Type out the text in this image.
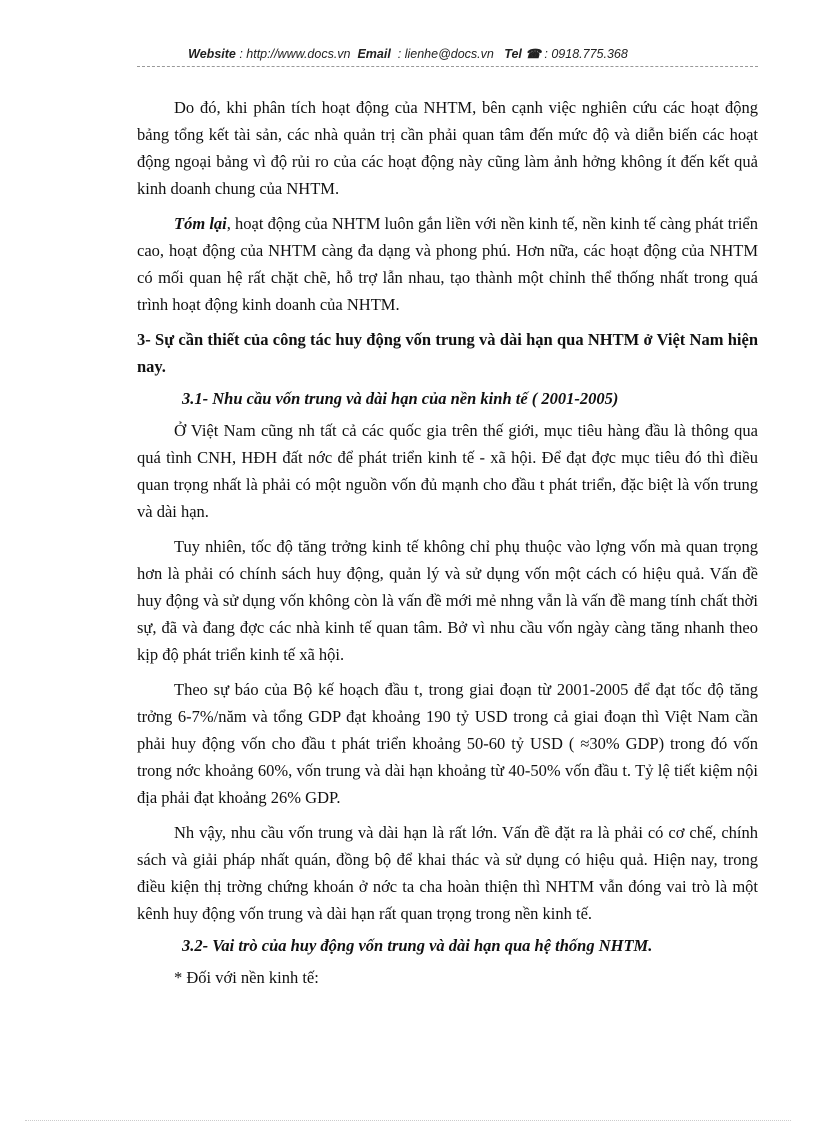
Website : http://www.docs.vn Email : lienhe@docs.vn Tel ☎ : 0918.775.368

Do đó, khi phân tích hoạt động của NHTM, bên cạnh việc nghiên cứu các hoạt động bảng tổng kết tài sản, các nhà quản trị cần phải quan tâm đến mức độ và diễn biến các hoạt động ngoại bảng vì độ rủi ro của các hoạt động này cũng làm ảnh hởng không ít đến kết quả kinh doanh chung của NHTM.

Tóm lại, hoạt động của NHTM luôn gắn liền với nền kinh tế, nền kinh tế càng phát triển cao, hoạt động của NHTM càng đa dạng và phong phú. Hơn nữa, các hoạt động của NHTM có mối quan hệ rất chặt chẽ, hỗ trợ lẫn nhau, tạo thành một chỉnh thể thống nhất trong quá trình hoạt động kinh doanh của NHTM.

3- Sự cần thiết của công tác huy động vốn trung và dài hạn qua NHTM ở Việt Nam hiện nay.
3.1- Nhu cầu vốn trung và dài hạn của nền kinh tế ( 2001-2005)

Ở Việt Nam cũng nh tất cả các quốc gia trên thế giới, mục tiêu hàng đầu là thông qua quá tình CNH, HĐH đất nớc để phát triển kinh tế - xã hội. Để đạt đợc mục tiêu đó thì điều quan trọng nhất là phải có một nguồn vốn đủ mạnh cho đầu t phát triển, đặc biệt là vốn trung và dài hạn.

Tuy nhiên, tốc độ tăng trởng kinh tế không chỉ phụ thuộc vào lợng vốn mà quan trọng hơn là phải có chính sách huy động, quản lý và sử dụng vốn một cách có hiệu quả. Vấn đề huy động và sử dụng vốn không còn là vấn đề mới mẻ nhng vẫn là vấn đề mang tính chất thời sự, đã và đang đợc các nhà kinh tế quan tâm. Bở vì nhu cầu vốn ngày càng tăng nhanh theo kịp độ phát triển kinh tế xã hội.

Theo sự báo của Bộ kế hoạch đầu t, trong giai đoạn từ 2001-2005 để đạt tốc độ tăng trởng 6-7%/năm và tổng GDP đạt khoảng 190 tỷ USD trong cả giai đoạn thì Việt Nam cần phải huy động vốn cho đầu t phát triển khoảng 50-60 tỷ USD ( ≈30% GDP) trong đó vốn trong nớc khoảng 60%, vốn trung và dài hạn khoảng từ 40-50% vốn đầu t. Tỷ lệ tiết kiệm nội địa phải đạt khoảng 26% GDP.

Nh vậy, nhu cầu vốn trung và dài hạn là rất lớn. Vấn đề đặt ra là phải có cơ chế, chính sách và giải pháp nhất quán, đồng bộ để khai thác và sử dụng có hiệu quả. Hiện nay, trong điều kiện thị trờng chứng khoán ở nớc ta cha hoàn thiện thì NHTM vẫn đóng vai trò là một kênh huy động vốn trung và dài hạn rất quan trọng trong nền kinh tế.

3.2- Vai trò của huy động vốn trung và dài hạn qua hệ thống NHTM.

* Đối với nền kinh tế:
